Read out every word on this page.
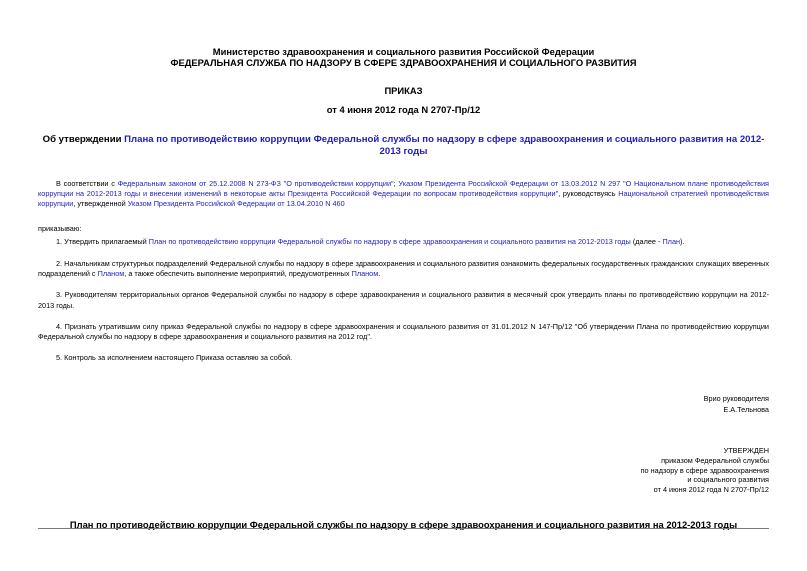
Министерство здравоохранения и социального развития Российской Федерации
ФЕДЕРАЛЬНАЯ СЛУЖБА ПО НАДЗОРУ В СФЕРЕ ЗДРАВООХРАНЕНИЯ И СОЦИАЛЬНОГО РАЗВИТИЯ
ПРИКАЗ
от 4 июня 2012 года N 2707-Пр/12
Об утверждении Плана по противодействию коррупции Федеральной службы по надзору в сфере здравоохранения и социального развития на 2012-2013 годы

В соответствии с Федеральным законом от 25.12.2008 N 273-ФЗ "О противодействии коррупции"; Указом Президента Российской Федерации от 13.03.2012 N 297 "О Национальном плане противодействия коррупции на 2012-2013 годы и внесении изменений в некоторые акты Президента Российской Федерации по вопросам противодействия коррупции", руководствуясь Национальной стратегией противодействия коррупции, утвержденной Указом Президента Российской Федерации от 13.04.2010 N 460

приказываю:

1. Утвердить прилагаемый План по противодействию коррупции Федеральной службы по надзору в сфере здравоохранения и социального развития на 2012-2013 годы (далее - План).

2. Начальникам структурных подразделений Федеральной службы по надзору в сфере здравоохранения и социального развития ознакомить федеральных государственных гражданских служащих вверенных подразделений с Планом, а также обеспечить выполнение мероприятий, предусмотренных Планом.

3. Руководителям территориальных органов Федеральной службы по надзору в сфере здравоохранения и социального развития в месячный срок утвердить планы по противодействию коррупции на 2012-2013 годы.

4. Признать утратившим силу приказ Федеральной службы по надзору в сфере здравоохранения и социального развития от 31.01.2012 N 147-Пр/12 "Об утверждении Плана по противодействию коррупции Федеральной службы по надзору в сфере здравоохранения и социального развития на 2012 год".

5. Контроль за исполнением настоящего Приказа оставляю за собой.

Врио руководителя
Е.А.Тельнова
УТВЕРЖДЕН
приказом Федеральной службы
по надзору в сфере здравоохранения
и социального развития
от 4 июня 2012 года N 2707-Пр/12
План по противодействию коррупции Федеральной службы по надзору в сфере здравоохранения и социального развития на 2012-2013 годы
